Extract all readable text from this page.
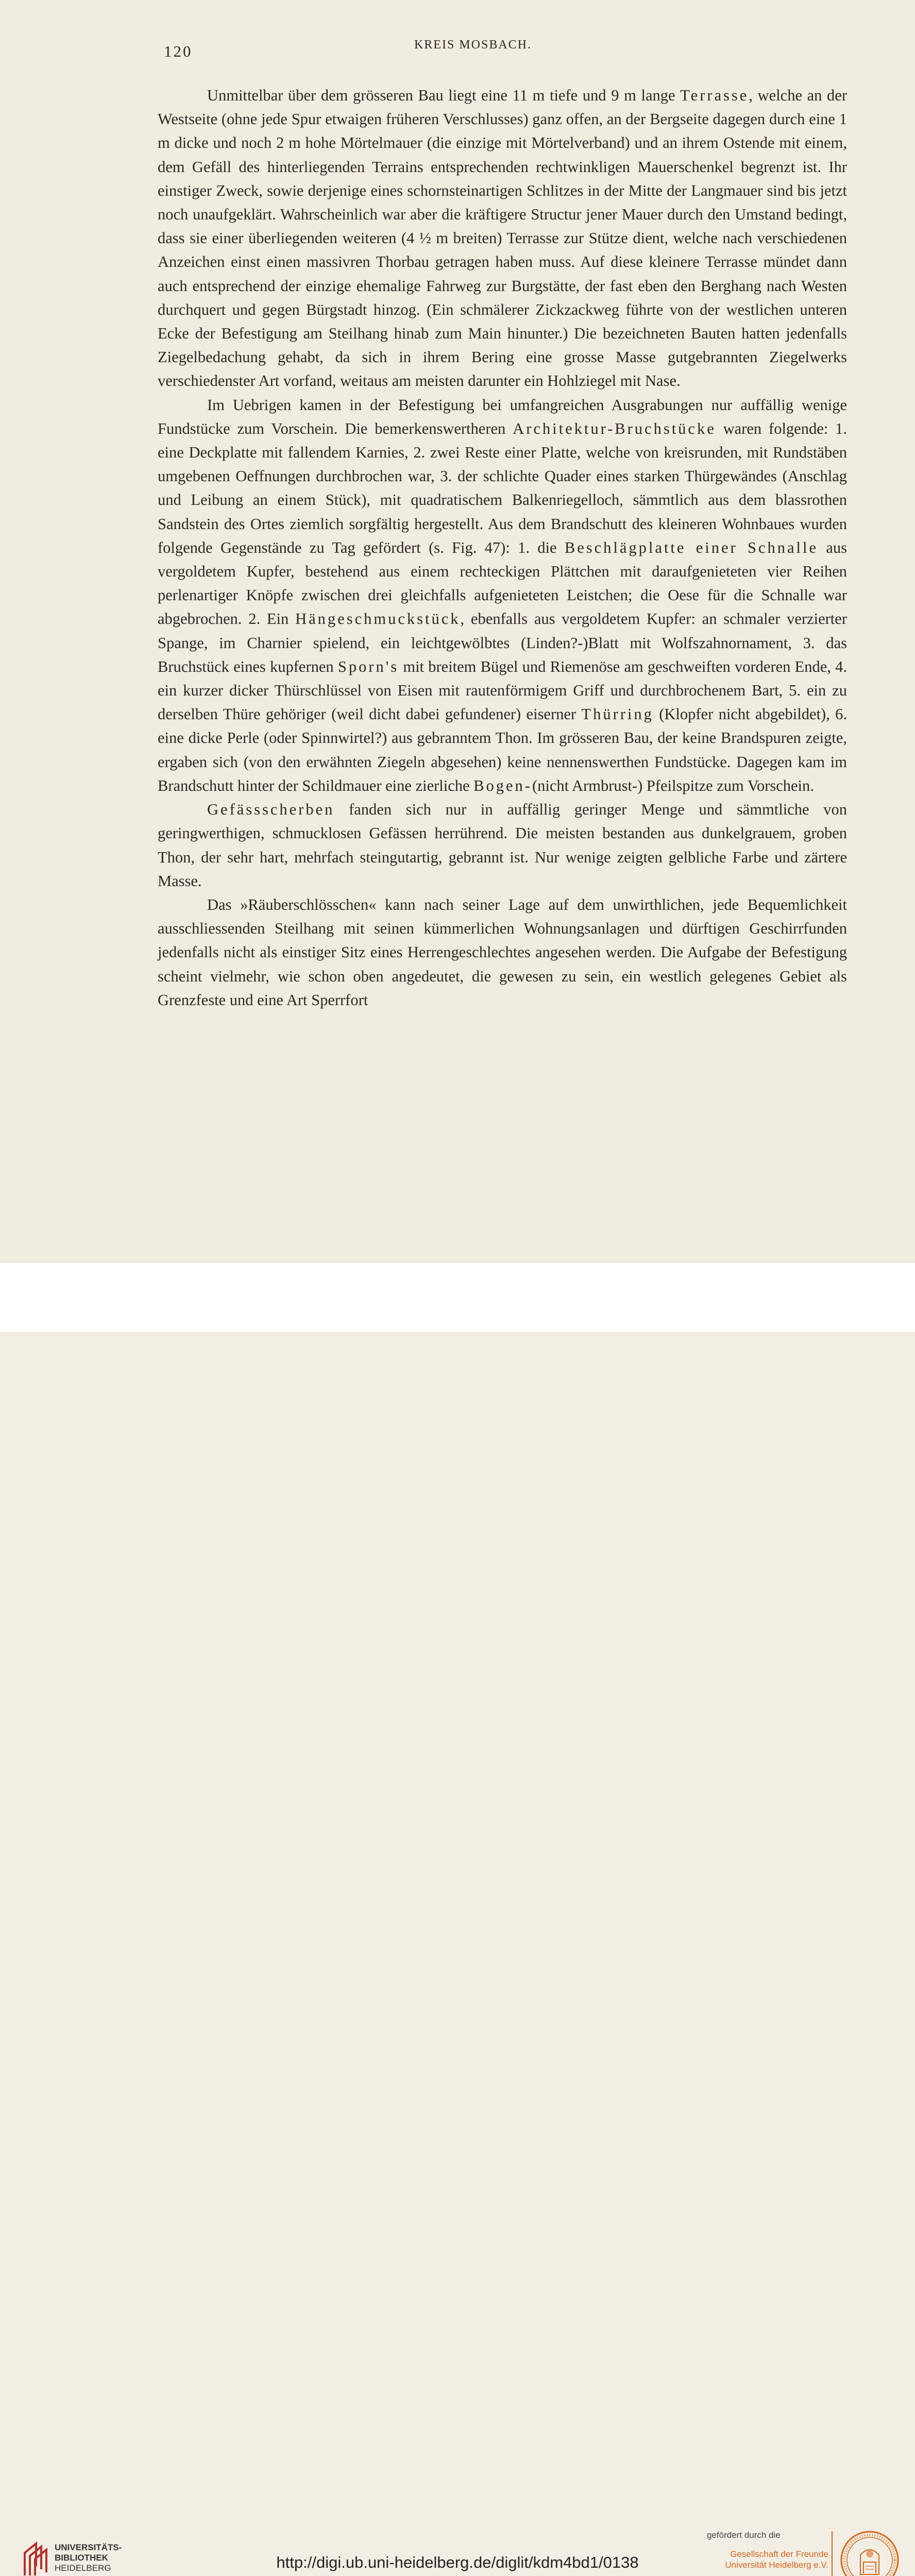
120	KREIS MOSBACH.

Unmittelbar über dem grösseren Bau liegt eine 11 m tiefe und 9 m lange Terrasse, welche an der Westseite (ohne jede Spur etwaigen früheren Verschlusses) ganz offen, an der Bergseite dagegen durch eine 1 m dicke und noch 2 m hohe Mörtelmauer (die einzige mit Mörtelverband) und an ihrem Ostende mit einem, dem Gefäll des hinterliegenden Terrains entsprechenden rechtwinkligen Mauerschenkel begrenzt ist. Ihr einstiger Zweck, sowie derjenige eines schornsteinartigen Schlitzes in der Mitte der Langmauer sind bis jetzt noch unaufgeklärt. Wahrscheinlich war aber die kräftigere Structur jener Mauer durch den Umstand bedingt, dass sie einer überliegenden weiteren (4 ½ m breiten) Terrasse zur Stütze dient, welche nach verschiedenen Anzeichen einst einen massivren Thorbau getragen haben muss. Auf diese kleinere Terrasse mündet dann auch entsprechend der einzige ehemalige Fahrweg zur Burgstätte, der fast eben den Berghang nach Westen durchquert und gegen Bürgstadt hinzog. (Ein schmälerer Zickzackweg führte von der westlichen unteren Ecke der Befestigung am Steilhang hinab zum Main hinunter.) Die bezeichneten Bauten hatten jedenfalls Ziegelbedachung gehabt, da sich in ihrem Bering eine grosse Masse gutgebrannten Ziegelwerks verschiedenster Art vorfand, weitaus am meisten darunter ein Hohlziegel mit Nase.

Im Uebrigen kamen in der Befestigung bei umfangreichen Ausgrabungen nur auffällig wenige Fundstücke zum Vorschein. Die bemerkenswertheren Architektur-Bruchstücke waren folgende: 1. eine Deckplatte mit fallendem Karnies, 2. zwei Reste einer Platte, welche von kreisrunden, mit Rundstäben umgebenen Oeffnungen durchbrochen war, 3. der schlichte Quader eines starken Thürgewändes (Anschlag und Leibung an einem Stück), mit quadratischem Balkenriegelloch, sämmtlich aus dem blassrothen Sandstein des Ortes ziemlich sorgfältig hergestellt. Aus dem Brandschutt des kleineren Wohnbaues wurden folgende Gegenstände zu Tag gefördert (s. Fig. 47): 1. die Beschlägplatte einer Schnalle aus vergoldetem Kupfer, bestehend aus einem rechteckigen Plättchen mit daraufgenieteten vier Reihen perlenartiger Knöpfe zwischen drei gleichfalls aufgenieteten Leistchen; die Oese für die Schnalle war abgebrochen. 2. Ein Hängeschmuckstück, ebenfalls aus vergoldetem Kupfer: an schmaler verzierter Spange, im Charnier spielend, ein leichtgewölbtes (Linden?-)Blatt mit Wolfszahnornament, 3. das Bruchstück eines kupfernen Sporn's mit breitem Bügel und Riemenöse am geschweiften vorderen Ende, 4. ein kurzer dicker Thürschlüssel von Eisen mit rautenförmigem Griff und durchbrochenem Bart, 5. ein zu derselben Thüre gehöriger (weil dicht dabei gefundener) eiserner Thürring (Klopfer nicht abgebildet), 6. eine dicke Perle (oder Spinnwirtel?) aus gebranntem Thon. Im grösseren Bau, der keine Brandspuren zeigte, ergaben sich (von den erwähnten Ziegeln abgesehen) keine nennenswerthen Fundstücke. Dagegen kam im Brandschutt hinter der Schildmauer eine zierliche Bogen-(nicht Armbrust-) Pfeilspitze zum Vorschein.

Gefässscherben fanden sich nur in auffällig geringer Menge und sämmtliche von geringwerthigen, schmucklosen Gefässen herrührend. Die meisten bestanden aus dunkelgrauem, groben Thon, der sehr hart, mehrfach steingutartig, gebrannt ist. Nur wenige zeigten gelbliche Farbe und zärtere Masse.

Das »Räuberschlösschen« kann nach seiner Lage auf dem unwirthlichen, jede Bequemlichkeit ausschliessenden Steilhang mit seinen kümmerlichen Wohnungsanlagen und dürftigen Geschirrfunden jedenfalls nicht als einstiger Sitz eines Herrengeschlechtes angesehen werden. Die Aufgabe der Befestigung scheint vielmehr, wie schon oben angedeutet, die gewesen zu sein, ein westlich gelegenes Gebiet als Grenzfeste und eine Art Sperrfort

UNIVERSITÄTS-
BIBLIOTHEK
HEIDELBERG	http://digi.ub.uni-heidelberg.de/diglit/kdm4bd1/0138
gefördert durch die
Gesellschaft der Freunde
Universität Heidelberg e.V.
